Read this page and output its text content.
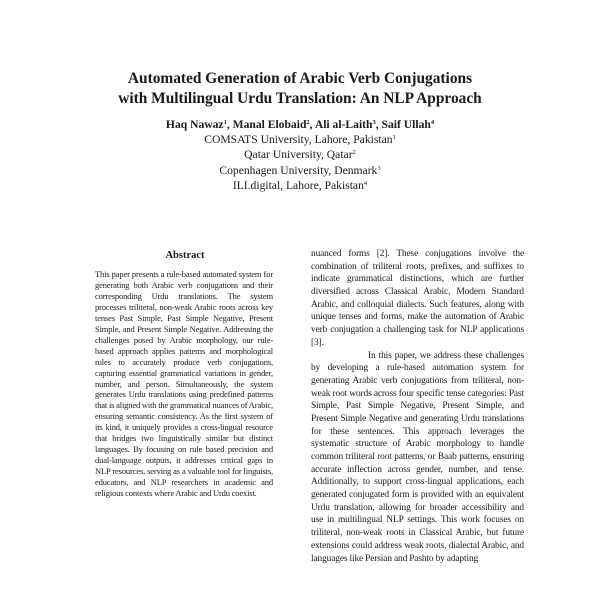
Automated Generation of Arabic Verb Conjugations
with Multilingual Urdu Translation: An NLP Approach
Haq Nawaz$^1$, Manal Elobaid$^2$, Ali al-Laith$^3$, Saif Ullah$^4$
COMSATS University, Lahore, Pakistan$^1$
Qatar University, Qatar$^2$
Copenhagen University, Denmark$^3$
ILI.digital, Lahore, Pakistan$^4$
Abstract
This paper presents a rule-based automated system for generating both Arabic verb conjugations and their corresponding Urdu translations. The system processes triliteral, non-weak Arabic roots across key tenses Past Simple, Past Simple Negative, Present Simple, and Present Simple Negative. Addressing the challenges posed by Arabic morphology, our rule-based approach applies patterns and morphological rules to accurately produce verb conjugations, capturing essential grammatical variations in gender, number, and person. Simultaneously, the system generates Urdu translations using predefined patterns that is aligned with the grammatical nuances of Arabic, ensuring semantic consistency. As the first system of its kind, it uniquely provides a cross-lingual resource that bridges two linguistically similar but distinct languages. By focusing on rule based precision and dual-language outputs, it addresses critical gaps in NLP resources, serving as a valuable tool for linguists, educators, and NLP researchers in academic and religious contexts where Arabic and Urdu coexist.

nuanced forms [2]. These conjugations involve the combination of triliteral roots, prefixes, and suffixes to indicate grammatical distinctions, which are further diversified across Classical Arabic, Modern Standard Arabic, and colloquial dialects. Such features, along with unique tenses and forms, make the automation of Arabic verb conjugation a challenging task for NLP applications [3].

In this paper, we address these challenges by developing a rule-based automation system for generating Arabic verb conjugations from triliteral, non-weak root words across four specific tense categories: Past Simple, Past Simple Negative, Present Simple, and Present Simple Negative and generating Urdu translations for these sentences. This approach leverages the systematic structure of Arabic morphology to handle common triliteral root patterns, or Baab patterns, ensuring accurate inflection across gender, number, and tense. Additionally, to support cross-lingual applications, each generated conjugated form is provided with an equivalent Urdu translation, allowing for broader accessibility and use in multilingual NLP settings. This work focuses on triliteral, non-weak roots in Classical Arabic, but future extensions could address weak roots, dialectal Arabic, and languages like Persian and Pashto by adapting
